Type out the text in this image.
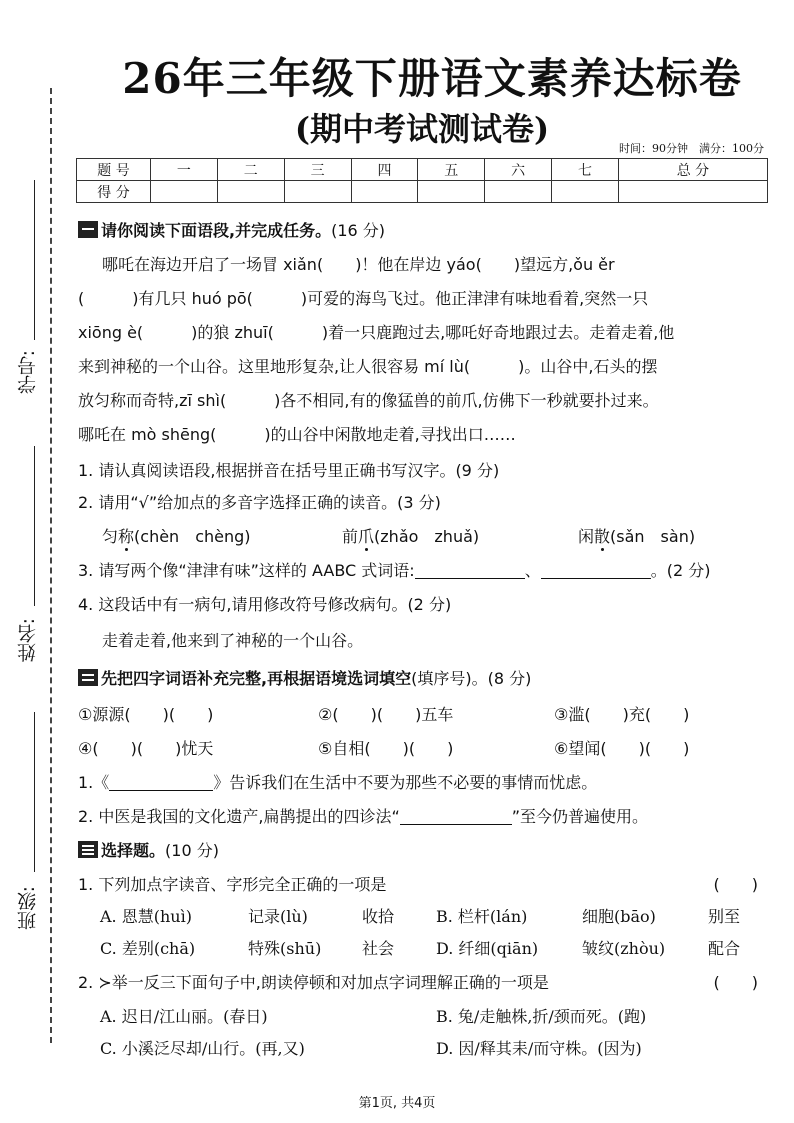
学号:
姓名:
班级:
26年三年级下册语文素养达标卷
(期中考试测试卷)
时间：90分钟　满分：100分
题 号	一	二	三	四	五	六	七	总 分
得 分								
请你阅读下面语段,并完成任务。(16 分)
哪吒在海边开启了一场冒 xiǎn(　　)！他在岸边 yáo(　　)望远方,ǒu ěr
(　　　)有几只 huó pō(　　　)可爱的海鸟飞过。他正津津有味地看着,突然一只
xiōng è(　　　)的狼 zhuī(　　　)着一只鹿跑过去,哪吒好奇地跟过去。走着走着,他
来到神秘的一个山谷。这里地形复杂,让人很容易 mí lù(　　　)。山谷中,石头的摆
放匀称而奇特,zī shì(　　　)各不相同,有的像猛兽的前爪,仿佛下一秒就要扑过来。
哪吒在 mò shēng(　　　)的山谷中闲散地走着,寻找出口……
1. 请认真阅读语段,根据拼音在括号里正确书写汉字。(9 分)
2. 请用“√”给加点的多音字选择正确的读音。(3 分)
匀称(chèn　chèng)	前爪(zhǎo　zhuǎ)	闲散(sǎn　sàn)
3. 请写两个像“津津有味”这样的 AABC 式词语:	、	。(2 分)
4. 这段话中有一病句,请用修改符号修改病句。(2 分)
走着走着,他来到了神秘的一个山谷。
先把四字词语补充完整,再根据语境选词填空(填序号)。(8 分)
①源源(　　)(　　)	②(　　)(　　)五车	③滥(　　)充(　　)
④(　　)(　　)忧天	⑤自相(　　)(　　)	⑥望闻(　　)(　　)
1.《	》告诉我们在生活中不要为那些不必要的事情而忧虑。
2. 中医是我国的文化遗产,扁鹊提出的四诊法“	”至今仍普遍使用。
选择题。(10 分)
1. 下列加点字读音、字形完全正确的一项是	(　　)
A. 恩慧(huì)	记录(lù)	收拾	B. 栏杆(lán)	细胞(bāo)	别至
C. 差别(chā)	特殊(shū)	社会	D. 纤细(qiān)	皱纹(zhòu)	配合
2. ≻举一反三下面句子中,朗读停顿和对加点字词理解正确的一项是	(　　)
A. 迟日/江山丽。(春日)	B. 兔/走触株,折/颈而死。(跑)
C. 小溪泛尽却/山行。(再,又)	D. 因/释其耒/而守株。(因为)
第1页, 共4页
